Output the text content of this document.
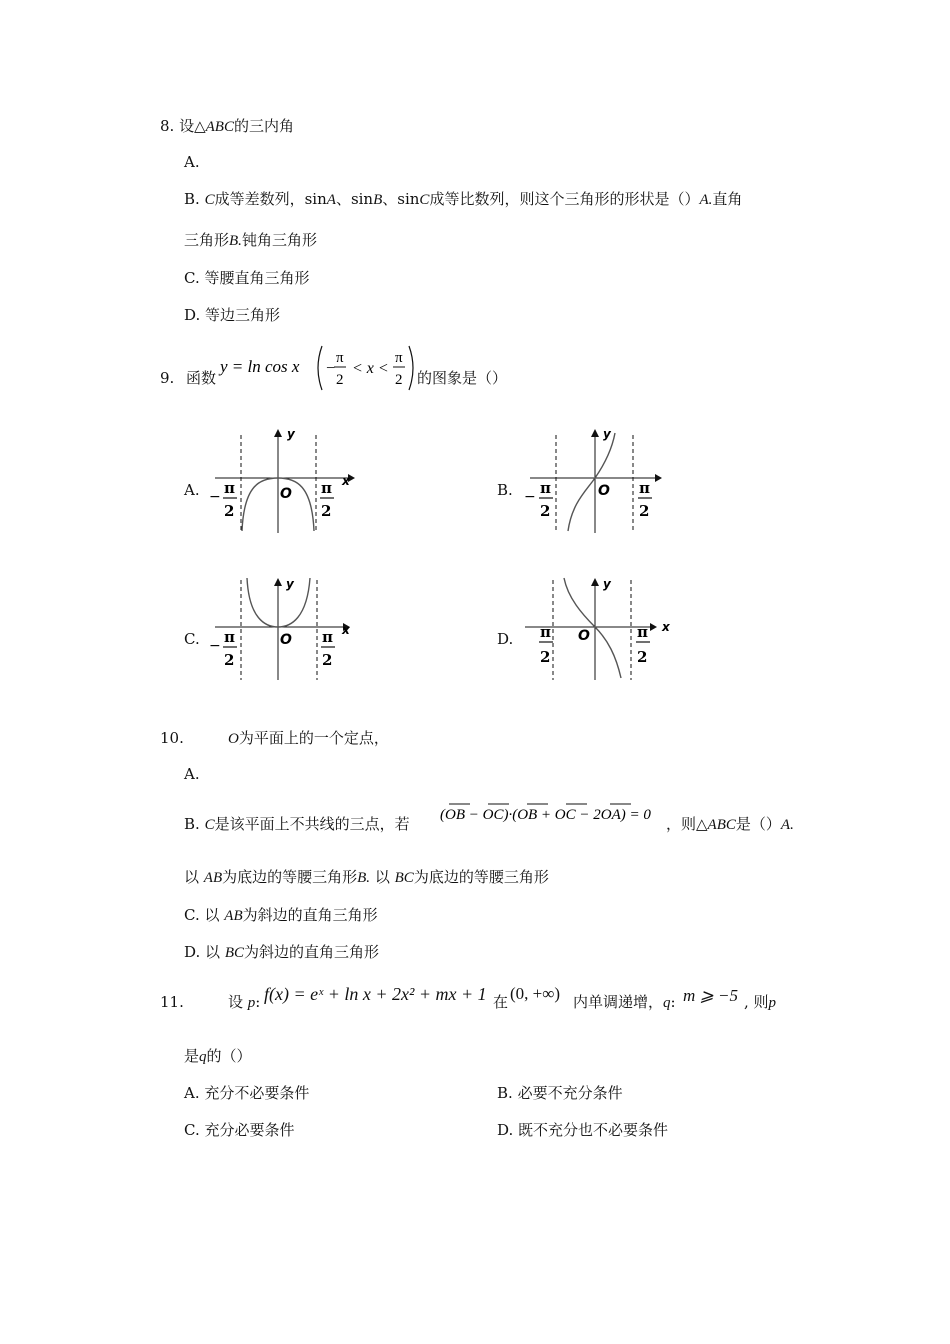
8. 设△ABC的三内角
A.
B. C成等差数列，sinA、sinB、sinC成等比数列，则这个三角形的形状是（）A.直角
三角形B.钝角三角形
C. 等腰直角三角形
D. 等边三角形
9. 函数
y = ln cos x −
π
2
< x <
π
2 的图象是（）
A.
y
x
O
− π
2
π
2
B.
y
O
− π
2
π
2
C.
y
x
O
− π
2
π
2
D.
y
x
O
π
2
π
2
10.	O为平面上的一个定点，
A.
B. C是该平面上不共线的三点，若 (OB − OC)·(OB + OC − 2OA) = 0 ，则△ABC是（）A.
以 AB为底边的等腰三角形B. 以 BC为底边的等腰三角形
C. 以 AB为斜边的直角三角形
D. 以 BC为斜边的直角三角形
11.	设 p: f(x) = eˣ + ln x + 2x² + mx + 1 在 (0, +∞) 内单调递增，q: m ⩾ −5 , 则p
是q的（）
A. 充分不必要条件	B. 必要不充分条件
C. 充分必要条件	D. 既不充分也不必要条件
